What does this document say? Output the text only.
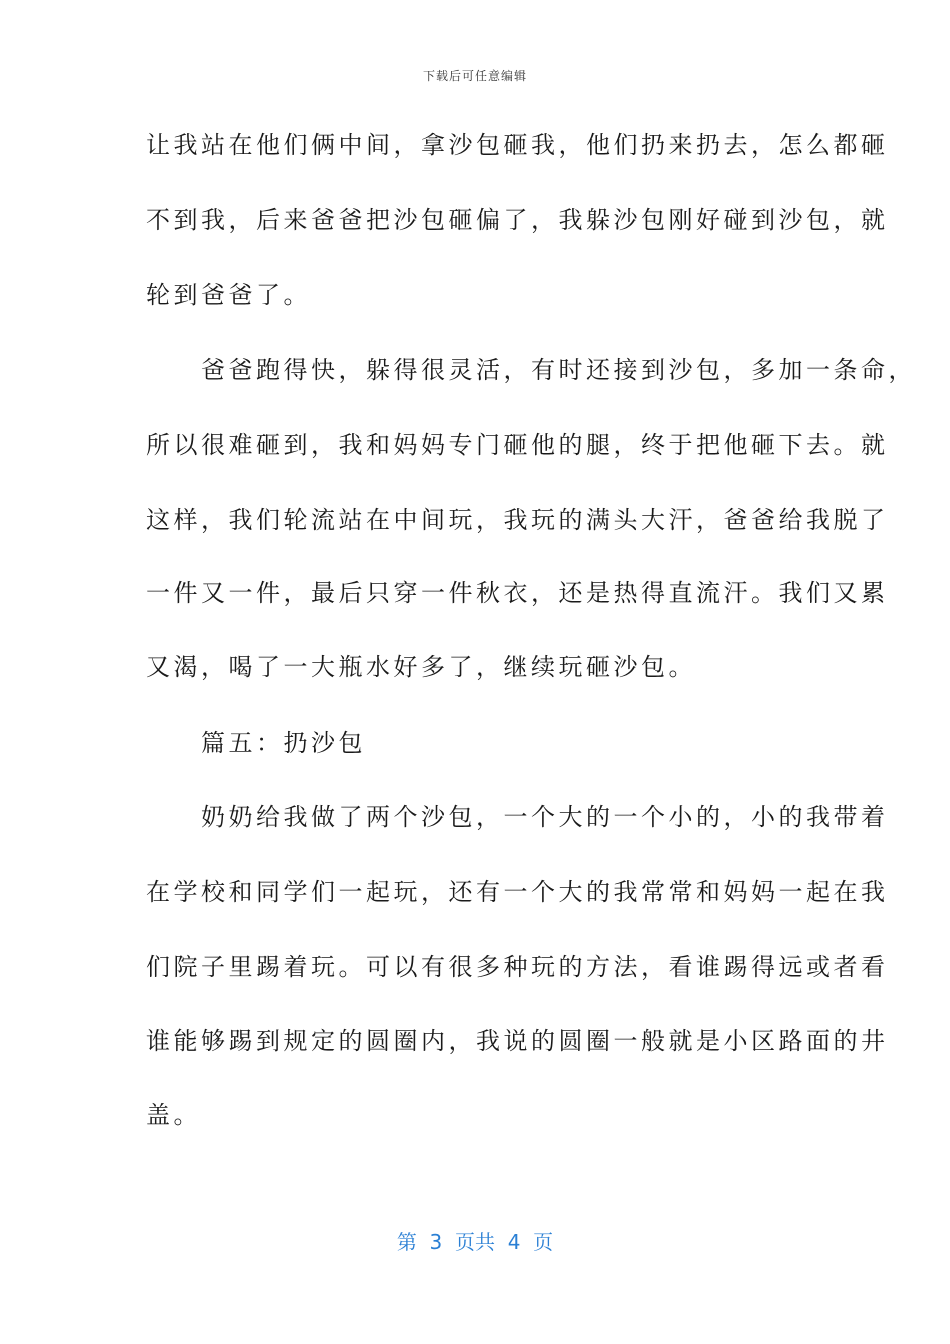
下载后可任意编辑
让我站在他们俩中间，拿沙包砸我，他们扔来扔去，怎么都砸
不到我，后来爸爸把沙包砸偏了，我躲沙包刚好碰到沙包，就
轮到爸爸了。
　　爸爸跑得快，躲得很灵活，有时还接到沙包，多加一条命，
所以很难砸到，我和妈妈专门砸他的腿，终于把他砸下去。就
这样，我们轮流站在中间玩，我玩的满头大汗，爸爸给我脱了
一件又一件，最后只穿一件秋衣，还是热得直流汗。我们又累
又渴，喝了一大瓶水好多了，继续玩砸沙包。
　　篇五：扔沙包
　　奶奶给我做了两个沙包，一个大的一个小的，小的我带着
在学校和同学们一起玩，还有一个大的我常常和妈妈一起在我
们院子里踢着玩。可以有很多种玩的方法，看谁踢得远或者看
谁能够踢到规定的圆圈内，我说的圆圈一般就是小区路面的井
盖。
第  3  页共  4  页
